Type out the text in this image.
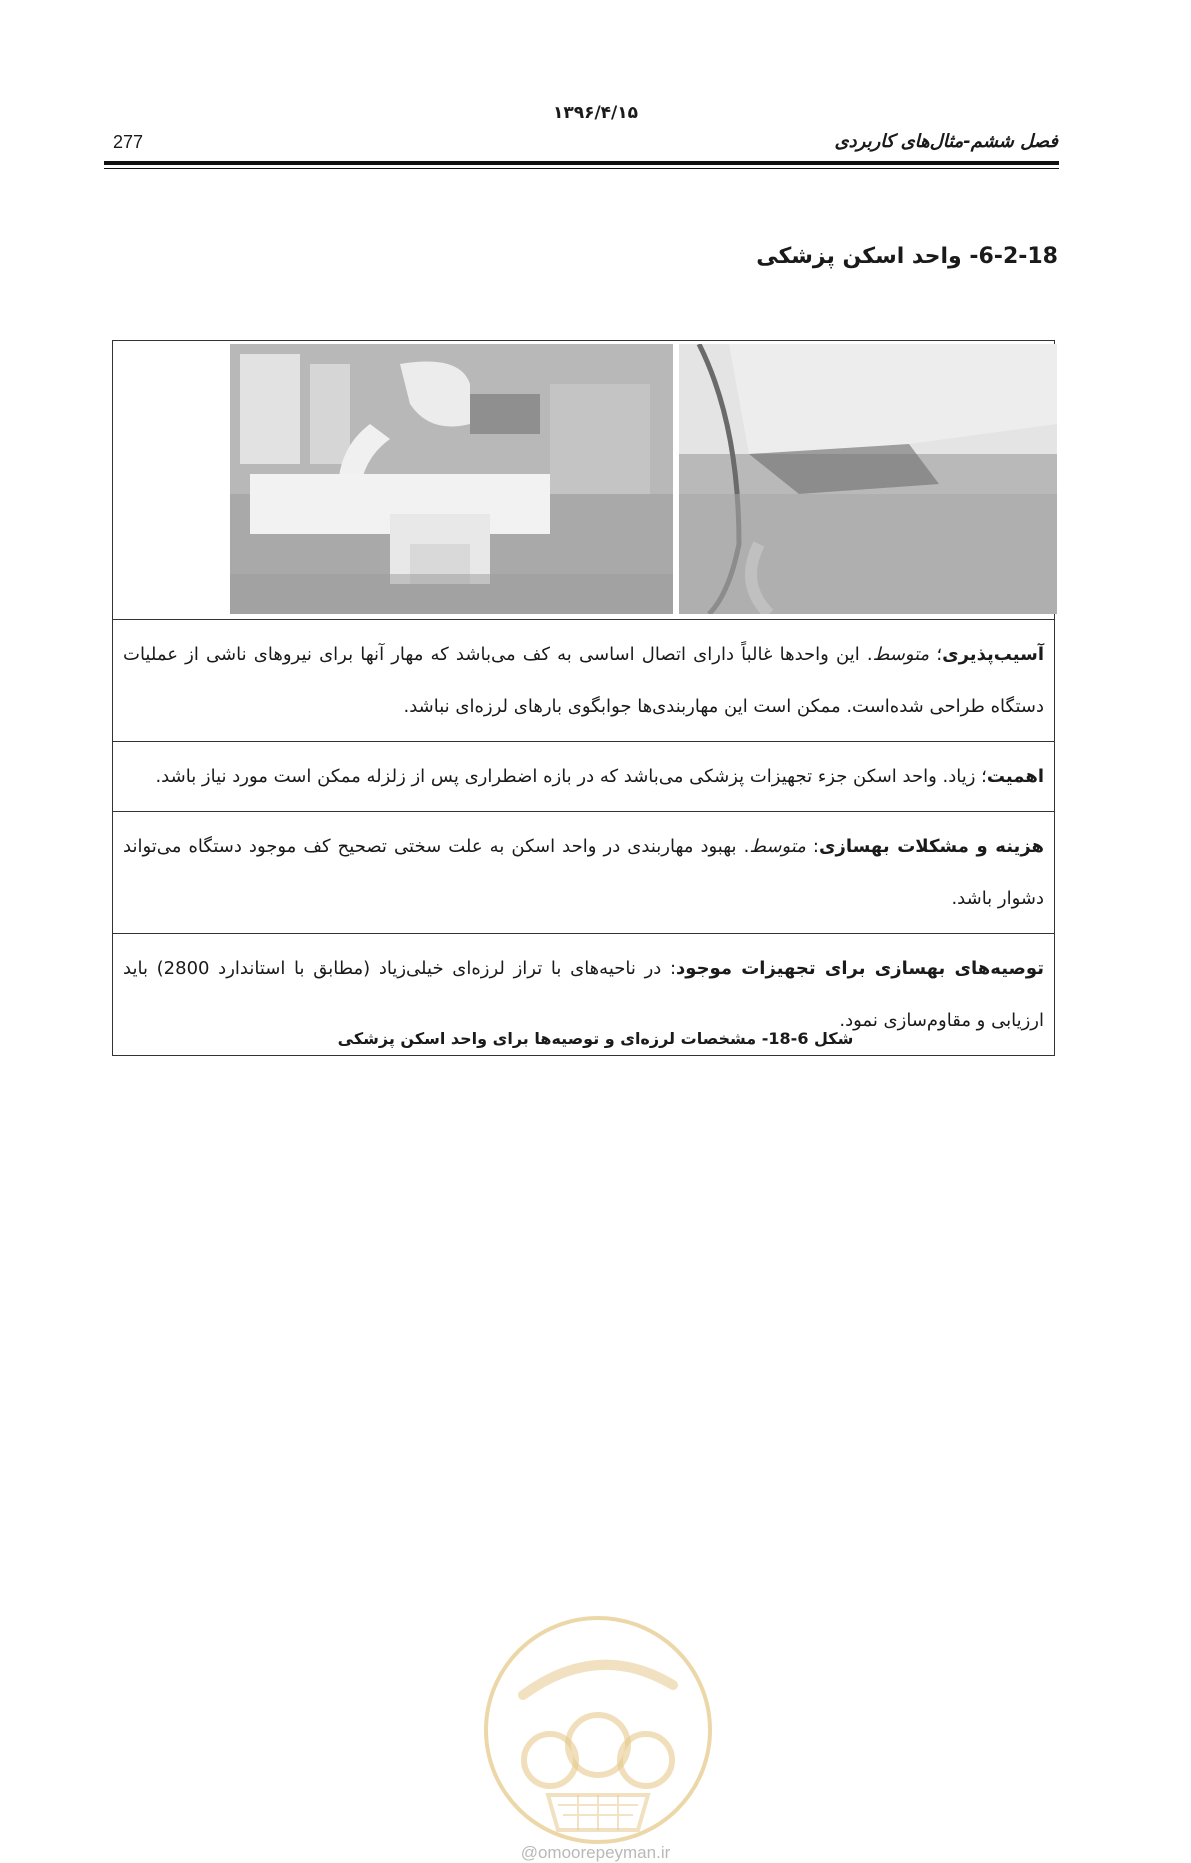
۱۳۹۶/۴/۱۵
277	فصل ششم-مثال‌های کاربردی
6-2-18- واحد اسکن پزشکی
آسیب‌پذیری؛ متوسط. این واحدها غالباً دارای اتصال اساسی به کف می‌باشد که مهار آنها برای نیروهای ناشی از عملیات دستگاه طراحی شده‌است. ممکن است این مهاربندی‌ها جوابگوی بارهای لرزه‌ای نباشد.
اهمیت؛ زیاد. واحد اسکن جزء تجهیزات پزشکی می‌باشد که در بازه اضطراری پس از زلزله ممکن است مورد نیاز باشد.
هزینه و مشکلات بهسازی: متوسط. بهبود مهاربندی در واحد اسکن به علت سختی تصحیح کف موجود دستگاه می‌تواند دشوار باشد.
توصیه‌های بهسازی برای تجهیزات موجود: در ناحیه‌های با تراز لرزه‌ای خیلی‌زیاد (مطابق با استاندارد 2800) باید ارزیابی و مقاوم‌سازی نمود.
شکل 6-18- مشخصات لرزه‌ای و توصیه‌ها برای واحد اسکن پزشکی
@omoorepeyman.ir
